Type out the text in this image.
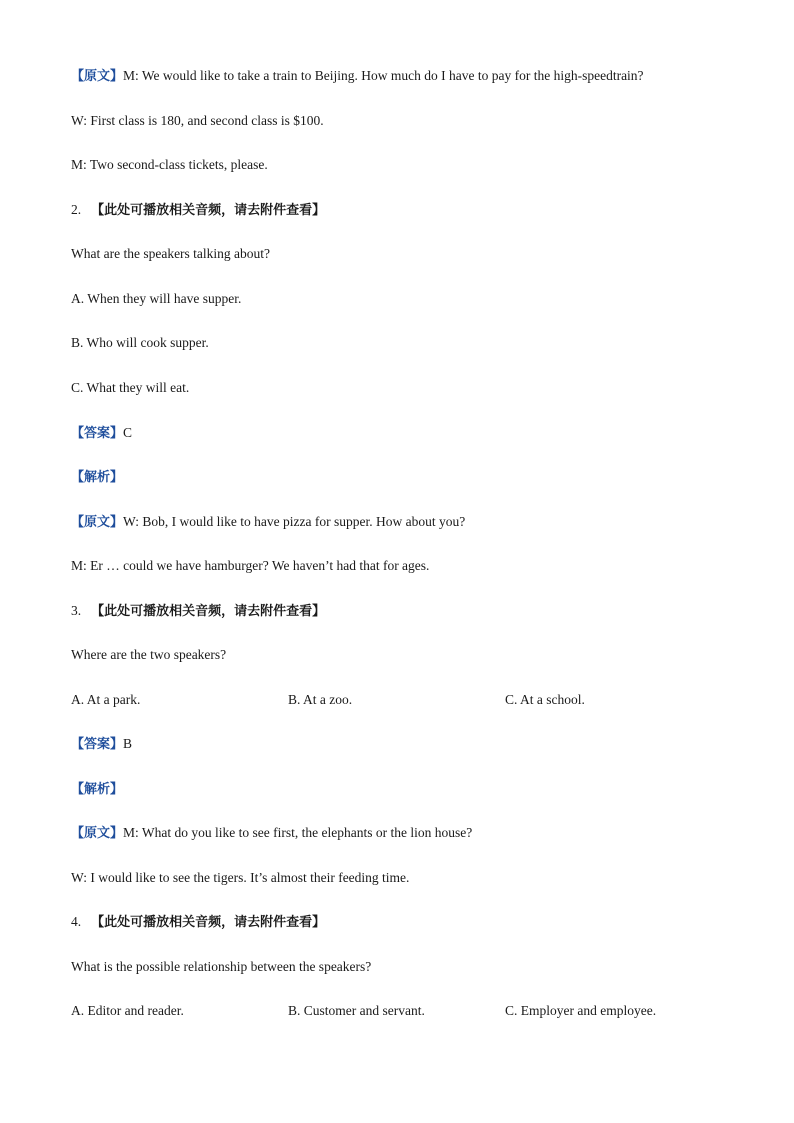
【原文】M: We would like to take a train to Beijing. How much do I have to pay for the high-speedtrain?
W: First class is 180, and second class is $100.
M: Two second-class tickets, please.
2. 【此处可播放相关音频，请去附件查看】
What are the speakers talking about?
A. When they will have supper.
B. Who will cook supper.
C. What they will eat.
【答案】C
【解析】
【原文】W: Bob, I would like to have pizza for supper. How about you?
M: Er … could we have hamburger? We haven’t had that for ages.
3. 【此处可播放相关音频，请去附件查看】
Where are the two speakers?
A. At a park.	B. At a zoo.	C. At a school.
【答案】B
【解析】
【原文】M: What do you like to see first, the elephants or the lion house?
W: I would like to see the tigers. It’s almost their feeding time.
4. 【此处可播放相关音频，请去附件查看】
What is the possible relationship between the speakers?
A. Editor and reader.	B. Customer and servant.	C. Employer and employee.
